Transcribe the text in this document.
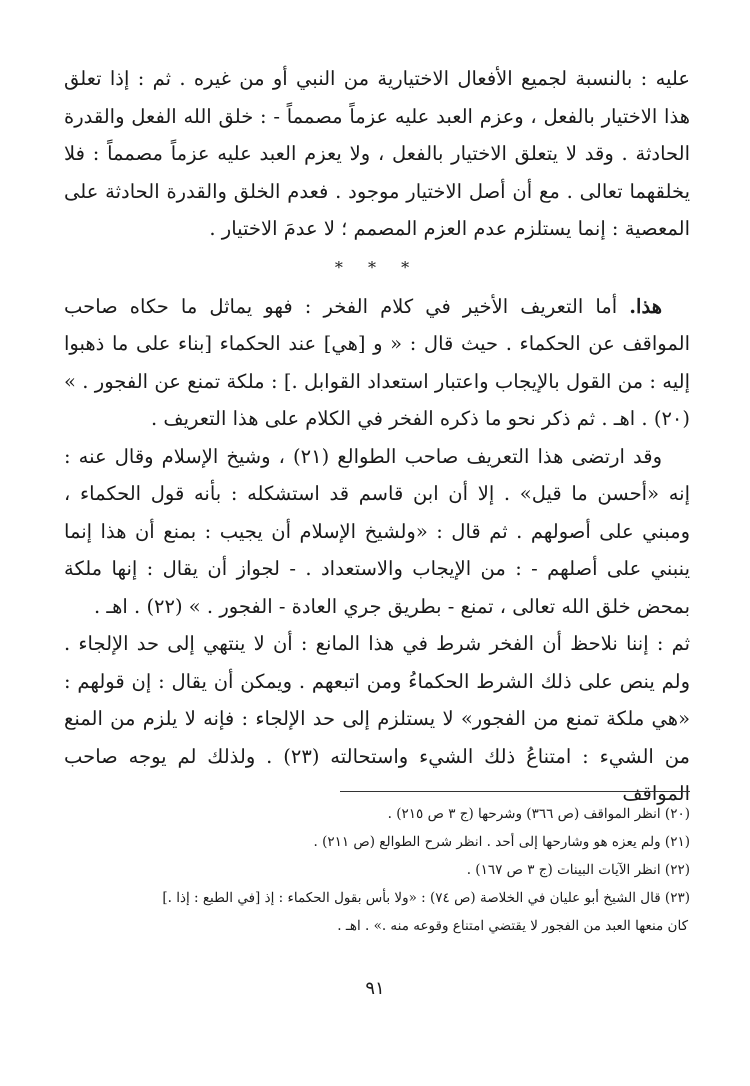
عليه : بالنسبة لجميع الأفعال الاختيارية من النبي أو من غيره . ثم : إذا تعلق هذا الاختيار بالفعل ، وعزم العبد عليه عزماً مصمماً - : خلق الله الفعل والقدرة الحادثة . وقد لا يتعلق الاختيار بالفعل ، ولا يعزم العبد عليه عزماً مصمماً : فلا يخلقهما تعالى . مع أن أصل الاختيار موجود . فعدم الخلق والقدرة الحادثة على المعصية : إنما يستلزم عدم العزم المصمم ؛ لا عدمَ الاختيار .

* * *

هذا. أما التعريف الأخير في كلام الفخر : فهو يماثل ما حكاه صاحب المواقف عن الحكماء . حيث قال : « و [هي] عند الحكماء [بناء على ما ذهبوا إليه : من القول بالإيجاب واعتبار استعداد القوابل .] : ملكة تمنع عن الفجور . » (٢٠) . اهـ . ثم ذكر نحو ما ذكره الفخر في الكلام على هذا التعريف .

وقد ارتضى هذا التعريف صاحب الطوالع (٢١) ، وشيخ الإسلام وقال عنه : إنه «أحسن ما قيل» . إلا أن ابن قاسم قد استشكله : بأنه قول الحكماء ، ومبني على أصولهم . ثم قال : «ولشيخ الإسلام أن يجيب : بمنع أن هذا إنما ينبني على أصلهم - : من الإيجاب والاستعداد . - لجواز أن يقال : إنها ملكة بمحض خلق الله تعالى ، تمنع - بطريق جري العادة - الفجور . » (٢٢) . اهـ .

ثم : إننا نلاحظ أن الفخر شرط في هذا المانع : أن لا ينتهي إلى حد الإلجاء . ولم ينص على ذلك الشرط الحكماءُ ومن اتبعهم . ويمكن أن يقال : إن قولهم : «هي ملكة تمنع من الفجور» لا يستلزم إلى حد الإلجاء : فإنه لا يلزم من المنع من الشيء : امتناعُ ذلك الشيء واستحالته (٢٣) . ولذلك لم يوجه صاحب المواقف

(٢٠) انظر المواقف (ص ٣٦٦) وشرحها (ج ٣ ص ٢١٥) .

(٢١) ولم يعزه هو وشارحها إلى أحد . انظر شرح الطوالع (ص ٢١١) .

(٢٢) انظر الآيات البينات (ج ٣ ص ١٦٧) .

(٢٣) قال الشيخ أبو عليان في الخلاصة (ص ٧٤) : «ولا بأس بقول الحكماء : إذ [في الطبع : إذا .]

كان منعها العبد من الفجور لا يقتضي امتناع وقوعه منه .» . اهـ .

٩١
